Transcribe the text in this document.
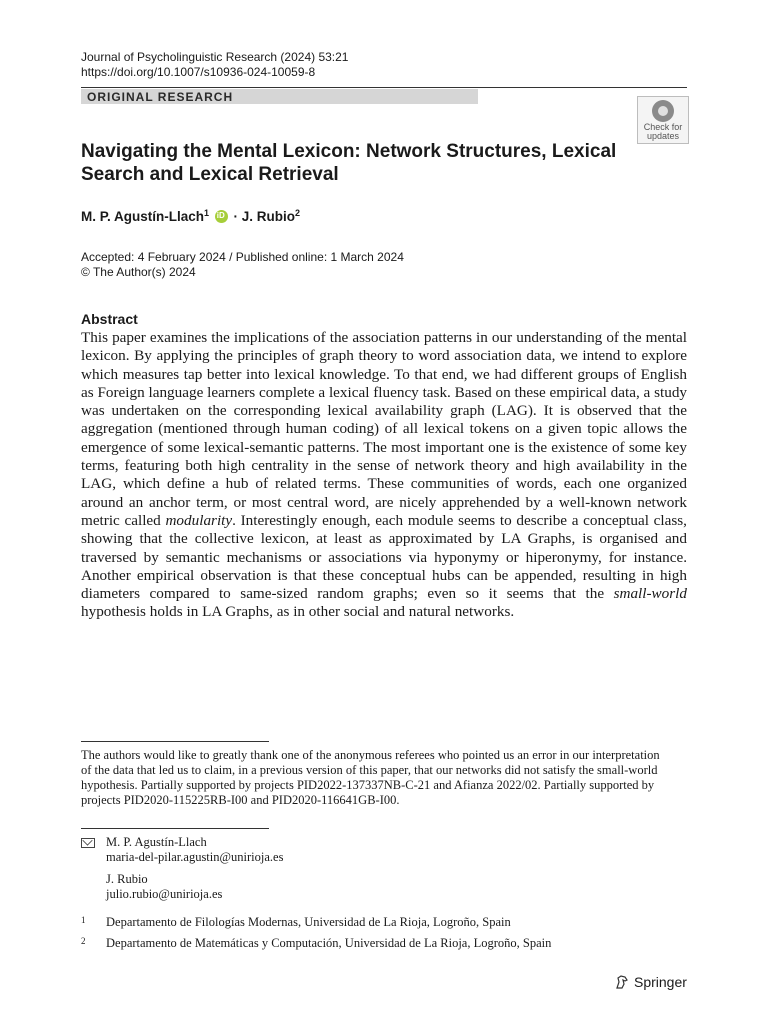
Journal of Psycholinguistic Research (2024) 53:21
https://doi.org/10.1007/s10936-024-10059-8
ORIGINAL RESEARCH
Check for
updates
Navigating the Mental Lexicon: Network Structures, Lexical Search and Lexical Retrieval
M. P. Agustín-Llach$^1$ iD · J. Rubio$^2$
Accepted: 4 February 2024 / Published online: 1 March 2024
© The Author(s) 2024
Abstract

This paper examines the implications of the association patterns in our understanding of the mental lexicon. By applying the principles of graph theory to word association data, we intend to explore which measures tap better into lexical knowledge. To that end, we had different groups of English as Foreign language learners complete a lexical fluency task. Based on these empirical data, a study was undertaken on the corresponding lexical availability graph (LAG). It is observed that the aggregation (mentioned through human coding) of all lexical tokens on a given topic allows the emergence of some lexical-semantic patterns. The most important one is the existence of some key terms, featuring both high centrality in the sense of network theory and high availability in the LAG, which define a hub of related terms. These communities of words, each one organized around an anchor term, or most central word, are nicely apprehended by a well-known network metric called modularity. Interestingly enough, each module seems to describe a conceptual class, showing that the collective lexicon, at least as approximated by LA Graphs, is organised and traversed by semantic mechanisms or associations via hyponymy or hiperonymy, for instance. Another empirical observation is that these conceptual hubs can be appended, resulting in high diameters compared to same-sized random graphs; even so it seems that the small-world hypothesis holds in LA Graphs, as in other social and natural networks.

The authors would like to greatly thank one of the anonymous referees who pointed us an error in our interpretation of the data that led us to claim, in a previous version of this paper, that our networks did not satisfy the small-world hypothesis. Partially supported by projects PID2022-137337NB-C-21 and Afianza 2022/02. Partially supported by projects PID2020-115225RB-I00 and PID2020-116641GB-I00.

M. P. Agustín-Llach
maria-del-pilar.agustin@unirioja.es
J. Rubio
julio.rubio@unirioja.es
1 Departamento de Filologías Modernas, Universidad de La Rioja, Logroño, Spain
2 Departamento de Matemáticas y Computación, Universidad de La Rioja, Logroño, Spain
Springer
